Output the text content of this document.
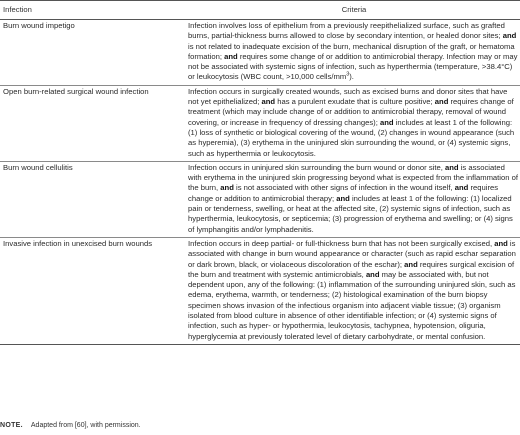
Infection	Criteria
Burn wound impetigo	Infection involves loss of epithelium from a previously reepithelialized surface, such as grafted burns, partial-thickness burns allowed to close by secondary intention, or healed donor sites; and is not related to inadequate excision of the burn, mechanical disruption of the graft, or hematoma formation; and requires some change of or addition to antimicrobial therapy. Infection may or may not be associated with systemic signs of infection, such as hyperthermia (temperature, >38.4°C) or leukocytosis (WBC count, >10,000 cells/$mm^3$).
Open burn-related surgical wound infection	Infection occurs in surgically created wounds, such as excised burns and donor sites that have not yet epithelialized; and has a purulent exudate that is culture positive; and requires change of treatment (which may include change of or addition to antimicrobial therapy, removal of wound covering, or increase in frequency of dressing changes); and includes at least 1 of the following: (1) loss of synthetic or biological covering of the wound, (2) changes in wound appearance (such as hyperemia), (3) erythema in the uninjured skin surrounding the wound, or (4) systemic signs, such as hyperthermia or leukocytosis.
Burn wound cellulitis	Infection occurs in uninjured skin surrounding the burn wound or donor site, and is associated with erythema in the uninjured skin progressing beyond what is expected from the inflammation of the burn, and is not associated with other signs of infection in the wound itself, and requires change or addition to antimicrobial therapy; and includes at least 1 of the following: (1) localized pain or tenderness, swelling, or heat at the affected site, (2) systemic signs of infection, such as hyperthermia, leukocytosis, or septicemia; (3) progression of erythema and swelling; or (4) signs of lymphangitis and/or lymphadenitis.
Invasive infection in unexcised burn wounds	Infection occurs in deep partial- or full-thickness burn that has not been surgically excised, and is associated with change in burn wound appearance or character (such as rapid eschar separation or dark brown, black, or violaceous discoloration of the eschar); and requires surgical excision of the burn and treatment with systemic antimicrobials, and may be associated with, but not dependent upon, any of the following: (1) inflammation of the surrounding uninjured skin, such as edema, erythema, warmth, or tenderness; (2) histological examination of the burn biopsy specimen shows invasion of the infectious organism into adjacent viable tissue; (3) organism isolated from blood culture in absence of other identifiable infection; or (4) systemic signs of infection, such as hyper- or hypothermia, leukocytosis, tachypnea, hypotension, oliguria, hyperglycemia at previously tolerated level of dietary carbohydrate, or mental confusion.
NOTE. Adapted from [60], with permission.
